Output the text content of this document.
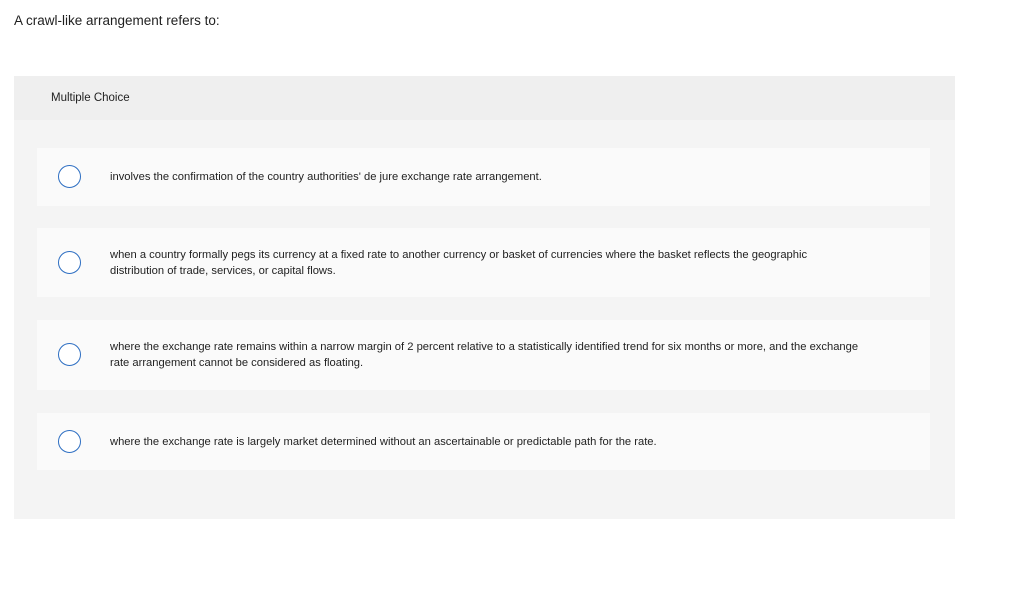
A crawl-like arrangement refers to:
Multiple Choice
involves the confirmation of the country authorities' de jure exchange rate arrangement.
when a country formally pegs its currency at a fixed rate to another currency or basket of currencies where the basket reflects the geographic distribution of trade, services, or capital flows.
where the exchange rate remains within a narrow margin of 2 percent relative to a statistically identified trend for six months or more, and the exchange rate arrangement cannot be considered as floating.
where the exchange rate is largely market determined without an ascertainable or predictable path for the rate.
